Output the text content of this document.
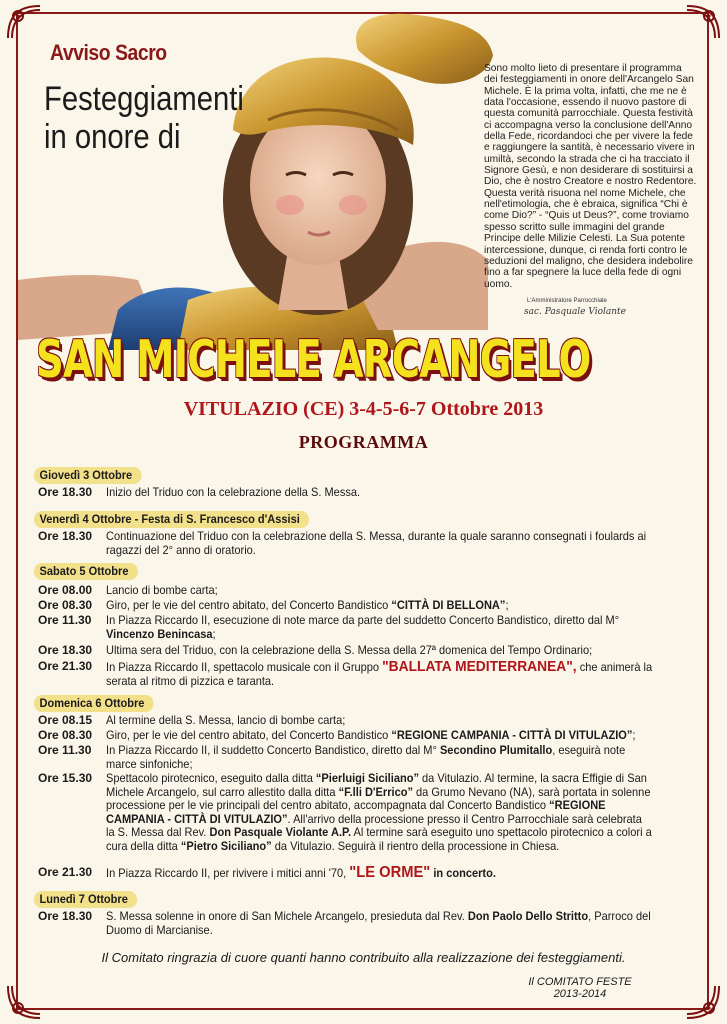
Avviso Sacro
Festeggiamenti
in onore di
Sono molto lieto di presentare il programma dei festeggiamenti in onore dell'Arcangelo San Michele. È la prima volta, infatti, che me ne è data l'occasione, essendo il nuovo pastore di questa comunità parrocchiale. Questa festività ci accompagna verso la conclusione dell'Anno della Fede, ricordandoci che per vivere la fede e raggiungere la santità, è necessario vivere in umiltà, secondo la strada che ci ha tracciato il Signore Gesù, e non desiderare di sostituirsi a Dio, che è nostro Creatore e nostro Redentore. Questa verità risuona nel nome Michele, che nell'etimologia, che è ebraica, significa “Chi è come Dio?” - “Quis ut Deus?”, come troviamo spesso scritto sulle immagini del grande Principe delle Milizie Celesti. La Sua potente intercessione, dunque, ci renda forti contro le seduzioni del maligno, che desidera indebolire fino a far spegnere la luce della fede di ogni uomo.
L'Amministratore Parrocchiale
sac. Pasquale Violante
SAN MICHELE ARCANGELO
VITULAZIO (CE) 3-4-5-6-7 Ottobre 2013
PROGRAMMA
Giovedì 3 Ottobre
Ore 18.30	Inizio del Triduo con la celebrazione della S. Messa.
Venerdì 4 Ottobre - Festa di S. Francesco d'Assisi
Ore 18.30	Continuazione del Triduo con la celebrazione della S. Messa, durante la quale saranno consegnati i foulards ai ragazzi del 2° anno di oratorio.
Sabato 5 Ottobre
Ore 08.00	Lancio di bombe carta;
Ore 08.30	Giro, per le vie del centro abitato, del Concerto Bandistico “CITTÀ DI BELLONA”;
Ore 11.30	In Piazza Riccardo II, esecuzione di note marce da parte del suddetto Concerto Bandistico, diretto dal M° Vincenzo Benincasa;
Ore 18.30	Ultima sera del Triduo, con la celebrazione della S. Messa della 27ª domenica del Tempo Ordinario;
Ore 21.30	In Piazza Riccardo II, spettacolo musicale con il Gruppo "BALLATA MEDITERRANEA", che animerà la serata al ritmo di pizzica e taranta.
Domenica 6 Ottobre
Ore 08.15	Al termine della S. Messa, lancio di bombe carta;
Ore 08.30	Giro, per le vie del centro abitato, del Concerto Bandistico “REGIONE CAMPANIA - CITTÀ DI VITULAZIO”;
Ore 11.30	In Piazza Riccardo II, il suddetto Concerto Bandistico, diretto dal M° Secondino Plumitallo, eseguirà note marce sinfoniche;
Ore 15.30	Spettacolo pirotecnico, eseguito dalla ditta “Pierluigi Siciliano” da Vitulazio. Al termine, la sacra Effigie di San Michele Arcangelo, sul carro allestito dalla ditta “F.lli D'Errico” da Grumo Nevano (NA), sarà portata in solenne processione per le vie principali del centro abitato, accompagnata dal Concerto Bandistico “REGIONE CAMPANIA - CITTÀ DI VITULAZIO”. All'arrivo della processione presso il Centro Parrocchiale sarà celebrata la S. Messa dal Rev. Don Pasquale Violante A.P. Al termine sarà eseguito uno spettacolo pirotecnico a colori a cura della ditta “Pietro Siciliano” da Vitulazio. Seguirà il rientro della processione in Chiesa.
Ore 21.30	In Piazza Riccardo II, per rivivere i mitici anni '70, "LE ORME" in concerto.
Lunedì 7 Ottobre
Ore 18.30	S. Messa solenne in onore di San Michele Arcangelo, presieduta dal Rev. Don Paolo Dello Stritto, Parroco del Duomo di Marcianise.
Il Comitato ringrazia di cuore quanti hanno contribuito alla realizzazione dei festeggiamenti.
Il COMITATO FESTE
2013-2014
